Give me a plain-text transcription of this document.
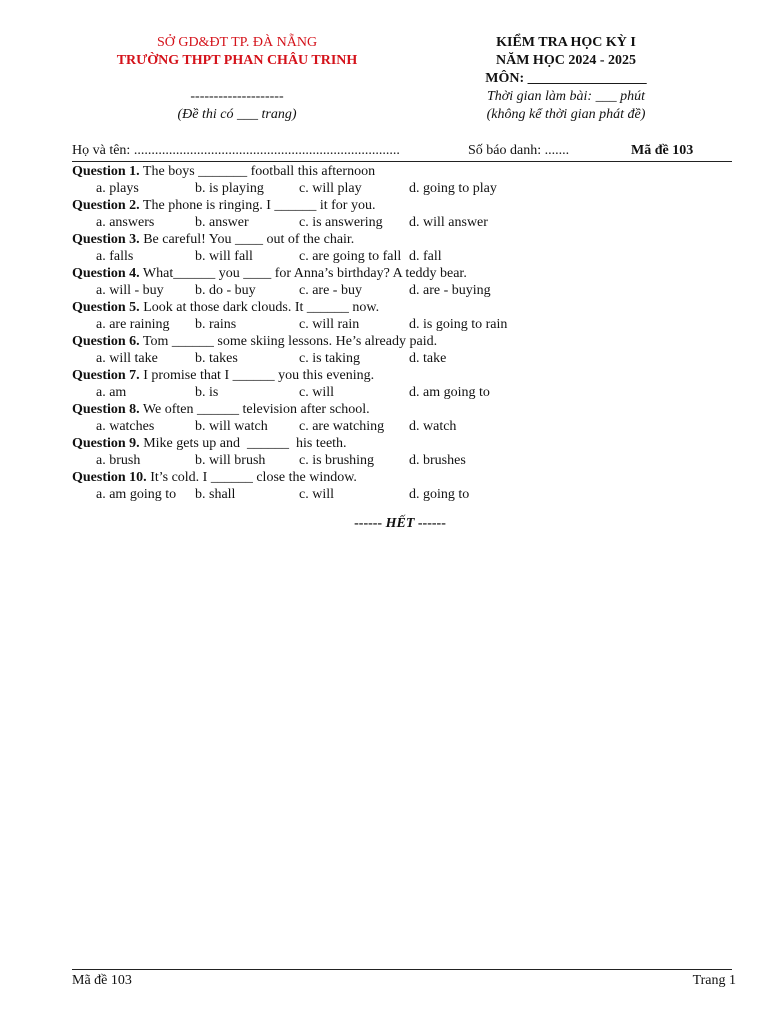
SỞ GD&ĐT TP. ĐÀ NẴNG
TRƯỜNG THPT PHAN CHÂU TRINH
--------------------
(Đề thi có ___ trang)
KIỂM TRA HỌC KỲ I
NĂM HỌC 2024 - 2025
MÔN: _________________
Thời gian làm bài: ___ phút
(không kể thời gian phát đề)
Họ và tên: ............................................................................	Số báo danh: .......	Mã đề 103
Question 1. The boys _______ football this afternoon
a. plays	b. is playing	c. will play	d. going to play
Question 2. The phone is ringing. I ______ it for you.
a. answers	b. answer	c. is answering d. will answer
Question 3. Be careful! You ____ out of the chair.
a. falls	b. will fall	c. are going to fall d. fall
Question 4. What______ you ____ for Anna’s birthday? A teddy bear.
a. will - buy b. do - buy	c. are - buy	d. are - buying
Question 5. Look at those dark clouds. It ______ now.
a. are raining b. rains	c. will rain	d. is going to rain
Question 6. Tom ______ some skiing lessons. He’s already paid.
a. will take	b. takes	c. is taking	d. take
Question 7. I promise that I ______ you this evening.
a. am	b. is	c. will	d. am going to
Question 8. We often ______ television after school.
a. watches	b. will watch c. are watching d. watch
Question 9. Mike gets up and  ______  his teeth.
a. brush	b. will brush c. is brushing d. brushes
Question 10. It’s cold. I ______ close the window.
a. am going to b. shall	c. will	d. going to
------ HẾT ------
Mã đề 103	Trang 1
